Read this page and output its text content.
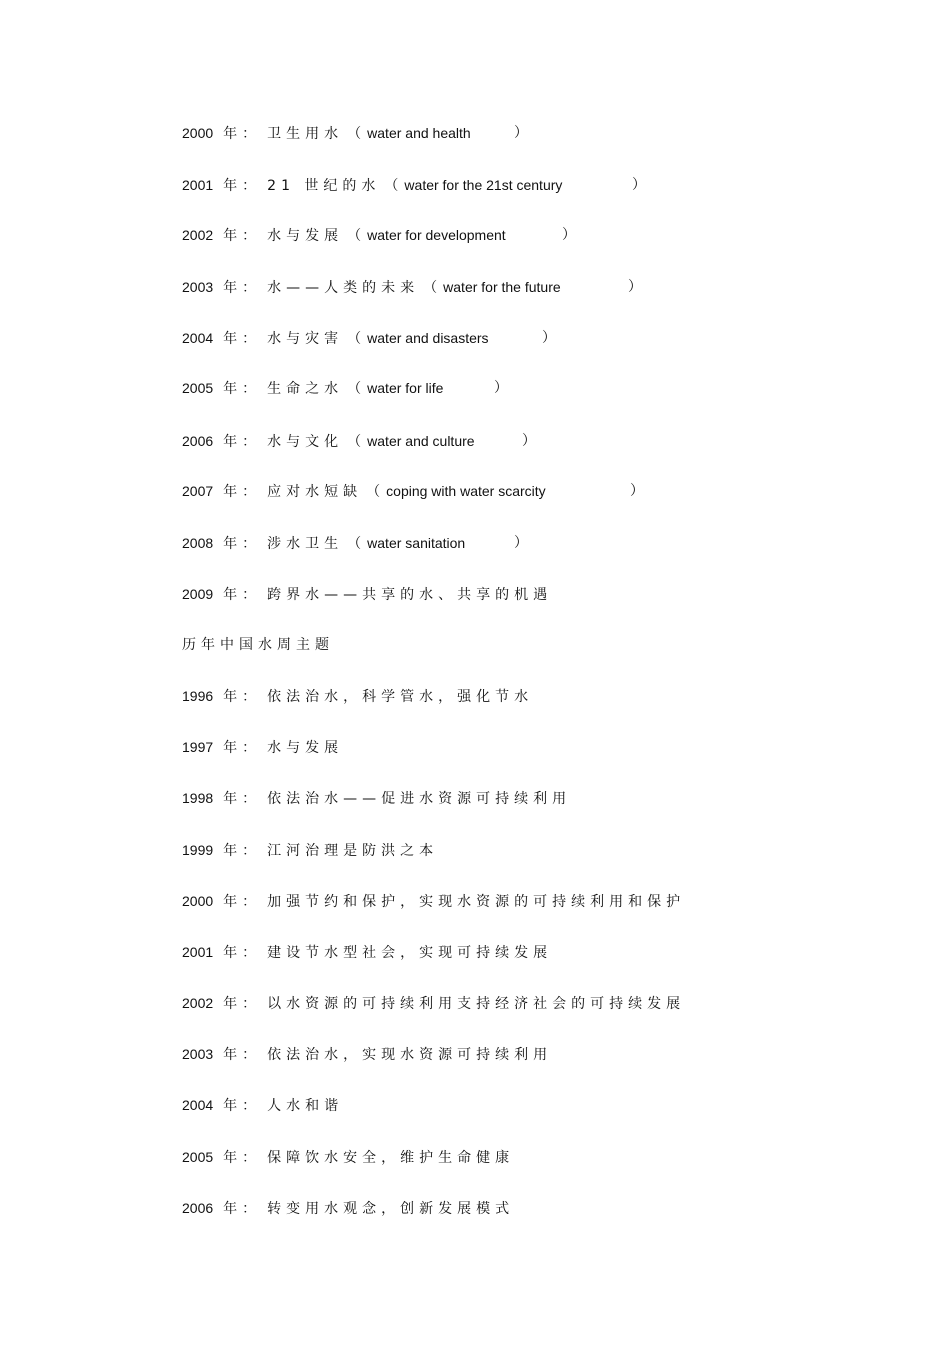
2000 年： 卫生用水 （ water and health	）
2001 年： 21 世纪的水 （ water for the 21st century	）
2002 年： 水与发展 （ water for development	）
2003 年： 水——人类的未来 （ water for the future	）
2004 年： 水与灾害 （ water and disasters	）
2005 年： 生命之水 （ water for life	）
2006 年： 水与文化 （ water and culture	）
2007 年： 应对水短缺 （ coping with water scarcity	）
2008 年： 涉水卫生 （ water sanitation	）
2009 年： 跨界水——共享的水、共享的机遇
历年中国水周主题
1996 年： 依法治水，科学管水，强化节水
1997 年： 水与发展
1998 年： 依法治水——促进水资源可持续利用
1999 年： 江河治理是防洪之本
2000 年： 加强节约和保护，实现水资源的可持续利用和保护
2001 年： 建设节水型社会，实现可持续发展
2002 年： 以水资源的可持续利用支持经济社会的可持续发展
2003 年： 依法治水，实现水资源可持续利用
2004 年： 人水和谐
2005 年： 保障饮水安全，维护生命健康
2006 年： 转变用水观念，创新发展模式
